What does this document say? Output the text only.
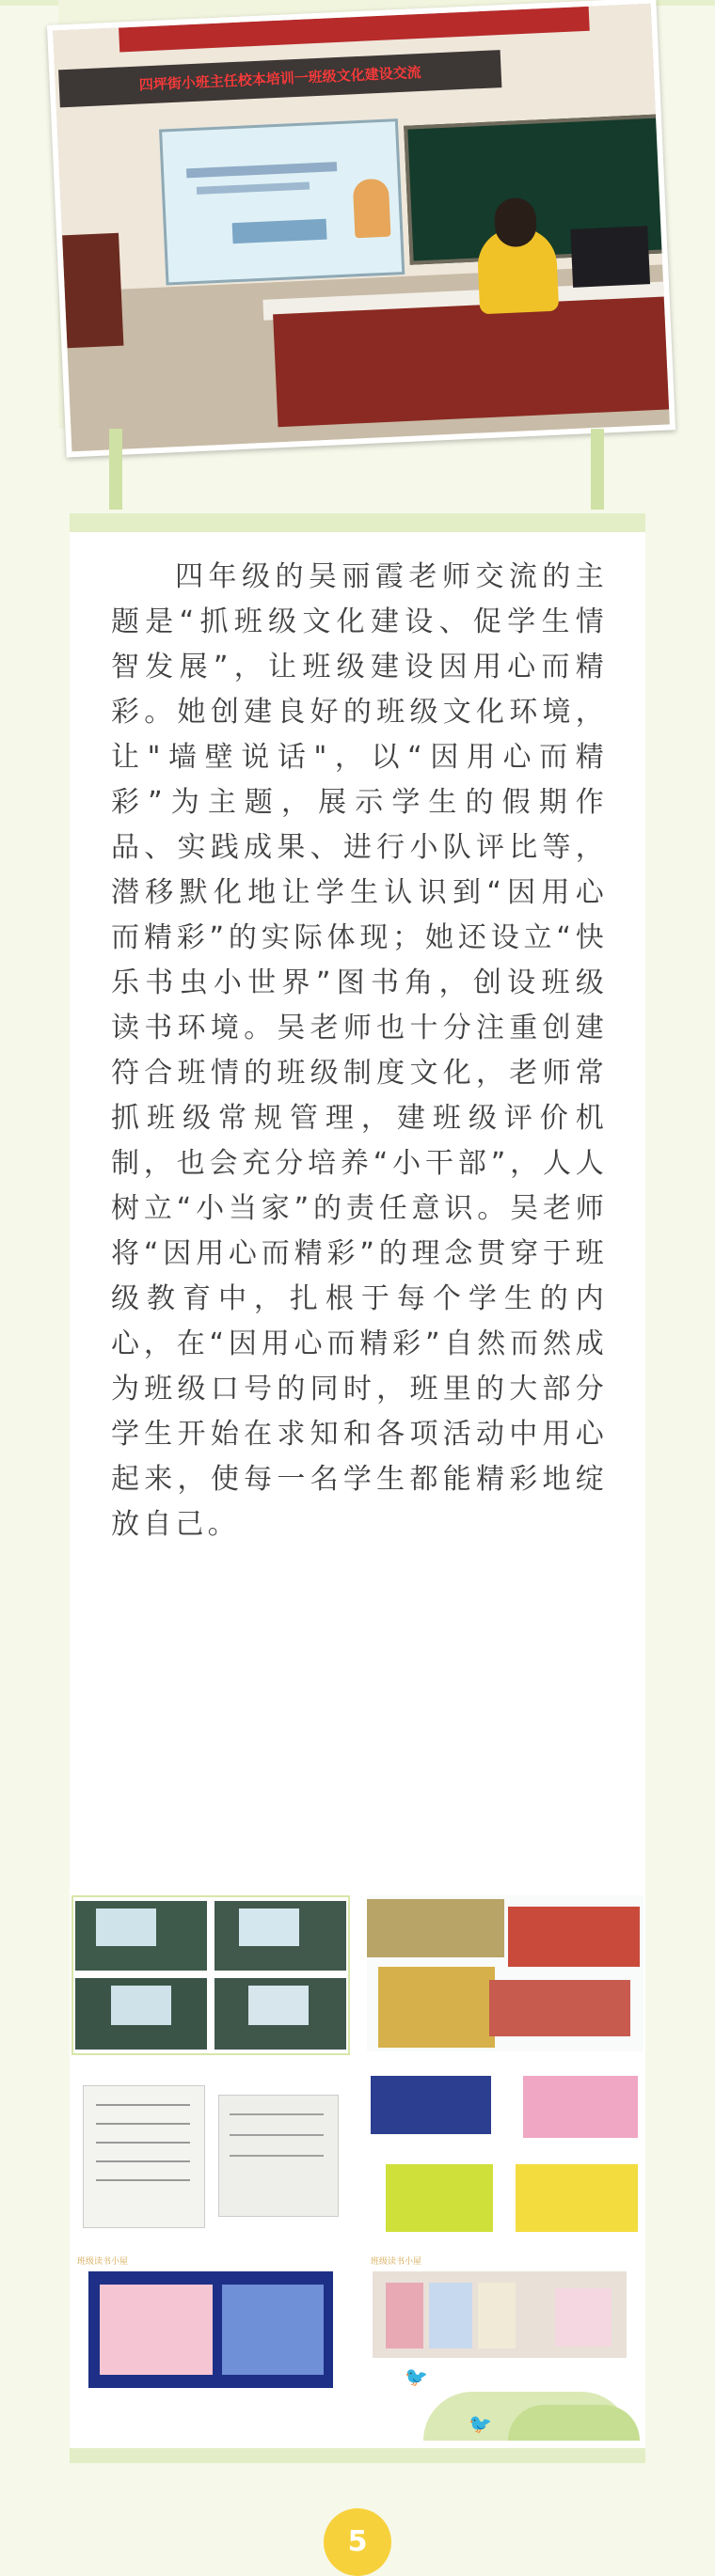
四坪街小班主任校本培训一班级文化建设交流

四年级的吴丽霞老师交流的主题是“抓班级文化建设、促学生情智发展”，让班级建设因用心而精彩。她创建良好的班级文化环境，让"墙壁说话"，以“因用心而精彩”为主题，展示学生的假期作品、实践成果、进行小队评比等，潜移默化地让学生认识到“因用心而精彩”的实际体现；她还设立“快乐书虫小世界”图书角，创设班级读书环境。吴老师也十分注重创建符合班情的班级制度文化，老师常抓班级常规管理，建班级评价机制，也会充分培养“小干部”，人人树立“小当家”的责任意识。吴老师将“因用心而精彩”的理念贯穿于班级教育中，扎根于每个学生的内心，在“因用心而精彩”自然而然成为班级口号的同时，班里的大部分学生开始在求知和各项活动中用心起来，使每一名学生都能精彩地绽放自己。

班级读书小屋	班级读书小屋
🐦
🐦
5
